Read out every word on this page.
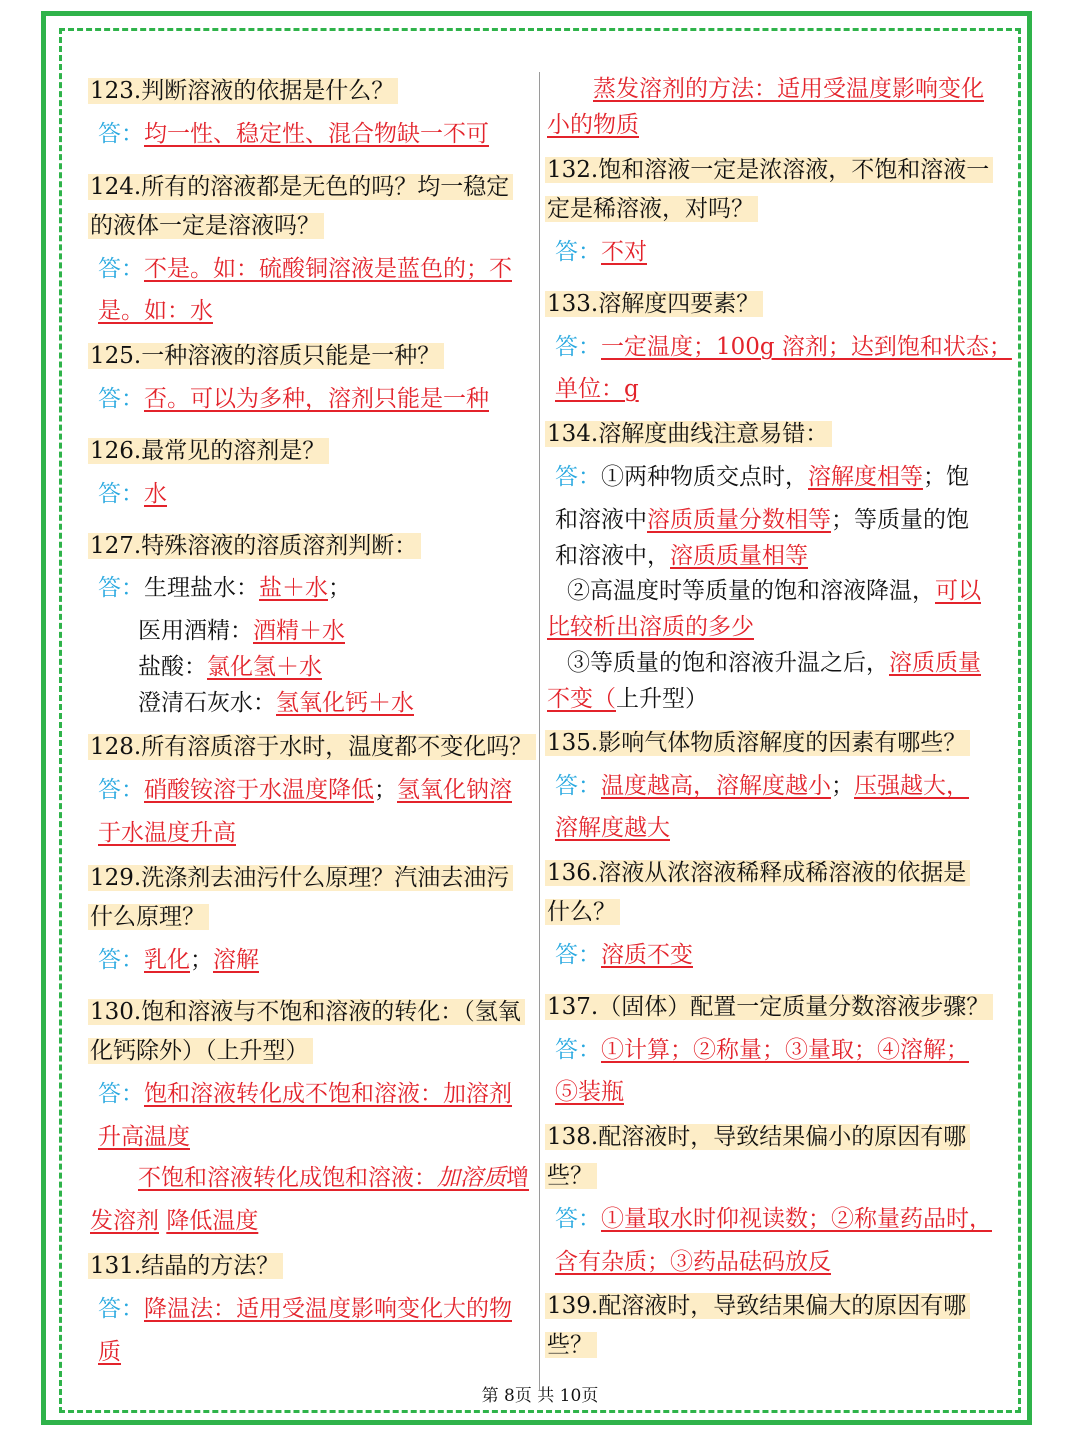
123.判断溶液的依据是什么？
答：均一性、稳定性、混合物缺一不可
124.所有的溶液都是无色的吗？均一稳定
的液体一定是溶液吗？
答：不是。如：硫酸铜溶液是蓝色的；不
是。如：水
125.一种溶液的溶质只能是一种？
答：否。可以为多种，溶剂只能是一种
126.最常见的溶剂是？
答：水
127.特殊溶液的溶质溶剂判断：
答：生理盐水：盐＋水；
医用酒精：酒精＋水
盐酸：氯化氢＋水
澄清石灰水：氢氧化钙＋水
128.所有溶质溶于水时，温度都不变化吗？
答：硝酸铵溶于水温度降低；氢氧化钠溶
于水温度升高
129.洗涤剂去油污什么原理？汽油去油污
什么原理？
答：乳化；溶解
130.饱和溶液与不饱和溶液的转化：（氢氧
化钙除外）（上升型）
答：饱和溶液转化成不饱和溶液：加溶剂
升高温度
不饱和溶液转化成饱和溶液：加溶质增
发溶剂 降低温度
131.结晶的方法？
答：降温法：适用受温度影响变化大的物
质
蒸发溶剂的方法：适用受温度影响变化
小的物质
132.饱和溶液一定是浓溶液，不饱和溶液一
定是稀溶液，对吗？
答：不对
133.溶解度四要素？
答：一定温度；100g 溶剂；达到饱和状态；
单位：g
134.溶解度曲线注意易错：
答：①两种物质交点时，溶解度相等；饱
和溶液中溶质质量分数相等；等质量的饱
和溶液中，溶质质量相等
②高温度时等质量的饱和溶液降温，可以
比较析出溶质的多少
③等质量的饱和溶液升温之后，溶质质量
不变（上升型）
135.影响气体物质溶解度的因素有哪些？
答：温度越高，溶解度越小；压强越大，
溶解度越大
136.溶液从浓溶液稀释成稀溶液的依据是
什么？
答：溶质不变
137.（固体）配置一定质量分数溶液步骤？
答：①计算；②称量；③量取；④溶解；
⑤装瓶
138.配溶液时，导致结果偏小的原因有哪
些？
答：①量取水时仰视读数；②称量药品时，
含有杂质；③药品砝码放反
139.配溶液时，导致结果偏大的原因有哪
些？
第 8页 共 10页
